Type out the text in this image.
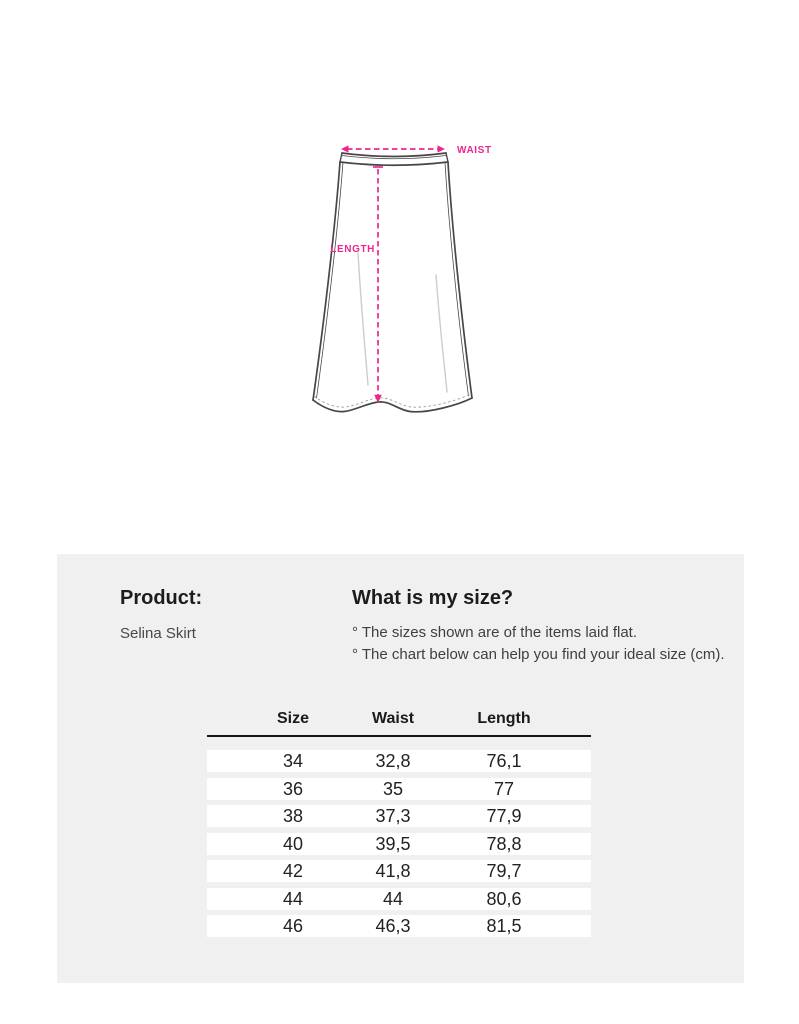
WAIST
LENGTH
Product:
Selina Skirt
What is my size?
° The sizes shown are of the items laid flat.
° The chart below can help you find your ideal size (cm).
Size	Waist	Length
34	32,8	76,1
36	35	77
38	37,3	77,9
40	39,5	78,8
42	41,8	79,7
44	44	80,6
46	46,3	81,5
